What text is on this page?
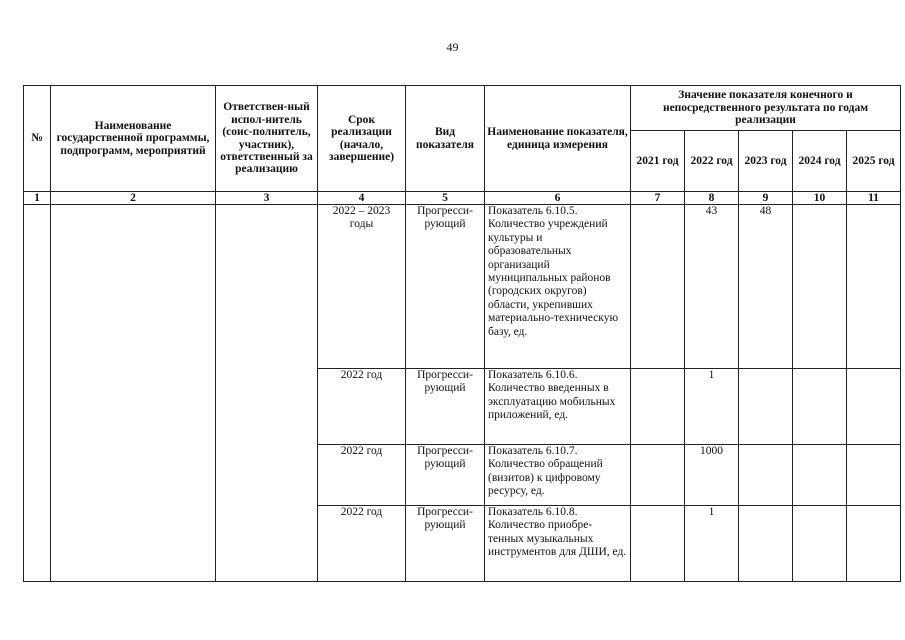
49
№	Наименование государственной программы, подпрограмм, мероприятий	Ответствен-ный испол-нитель (соис-полнитель, участник), ответственный за реализацию	Срок реализации (начало, завершение)	Вид показателя	Наименование показателя, единица измерения	Значение показателя конечного и непосредственного результата по годам реализации				
						2021 год	2022 год	2023 год	2024 год	2025 год
1	2	3	4	5	6	7	8	9	10	11
			2022 – 2023 годы	Прогресси-рующий	Показатель 6.10.5. Количество учреждений культуры и образовательных организаций муниципальных районов (городских округов) области, укрепивших материально-техническую базу, ед.		43	48		
			2022 год	Прогресси-рующий	Показатель 6.10.6. Количество введенных в эксплуатацию мобильных приложений, ед.		1			
			2022 год	Прогресси-рующий	Показатель 6.10.7. Количество обращений (визитов) к цифровому ресурсу, ед.		1000			
			2022 год	Прогресси-рующий	Показатель 6.10.8. Количество приобре-тенных музыкальных инструментов для ДШИ, ед.		1			
